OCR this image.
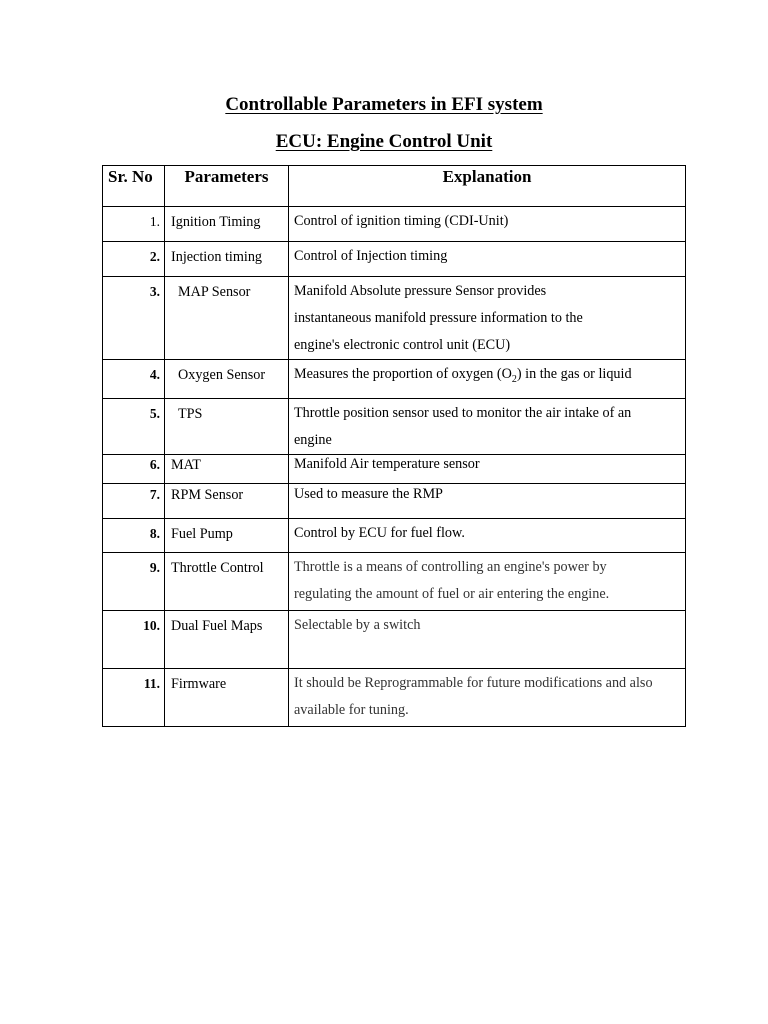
Controllable Parameters in EFI system
ECU: Engine Control Unit
Sr. No	Parameters	Explanation

1.	Ignition Timing	Control of ignition timing (CDI-Unit)

2.	Injection timing	Control of Injection timing

3.	MAP Sensor	Manifold Absolute pressure Sensor provides
instantaneous manifold pressure information to the
engine's electronic control unit (ECU)

4.	Oxygen Sensor	Measures the proportion of oxygen $(O_2)$ in the gas or liquid

5.	TPS	Throttle position sensor used to monitor the air intake of an
engine

6.	MAT	Manifold Air temperature sensor

7.	RPM Sensor	Used to measure the RMP

8.	Fuel Pump	Control by ECU for fuel flow.

9.	Throttle Control	Throttle is a means of controlling an engine's power by
regulating the amount of fuel or air entering the engine.

10.	Dual Fuel Maps	Selectable by a switch

11.	Firmware	It should be Reprogrammable for future modifications and also
available for tuning.
